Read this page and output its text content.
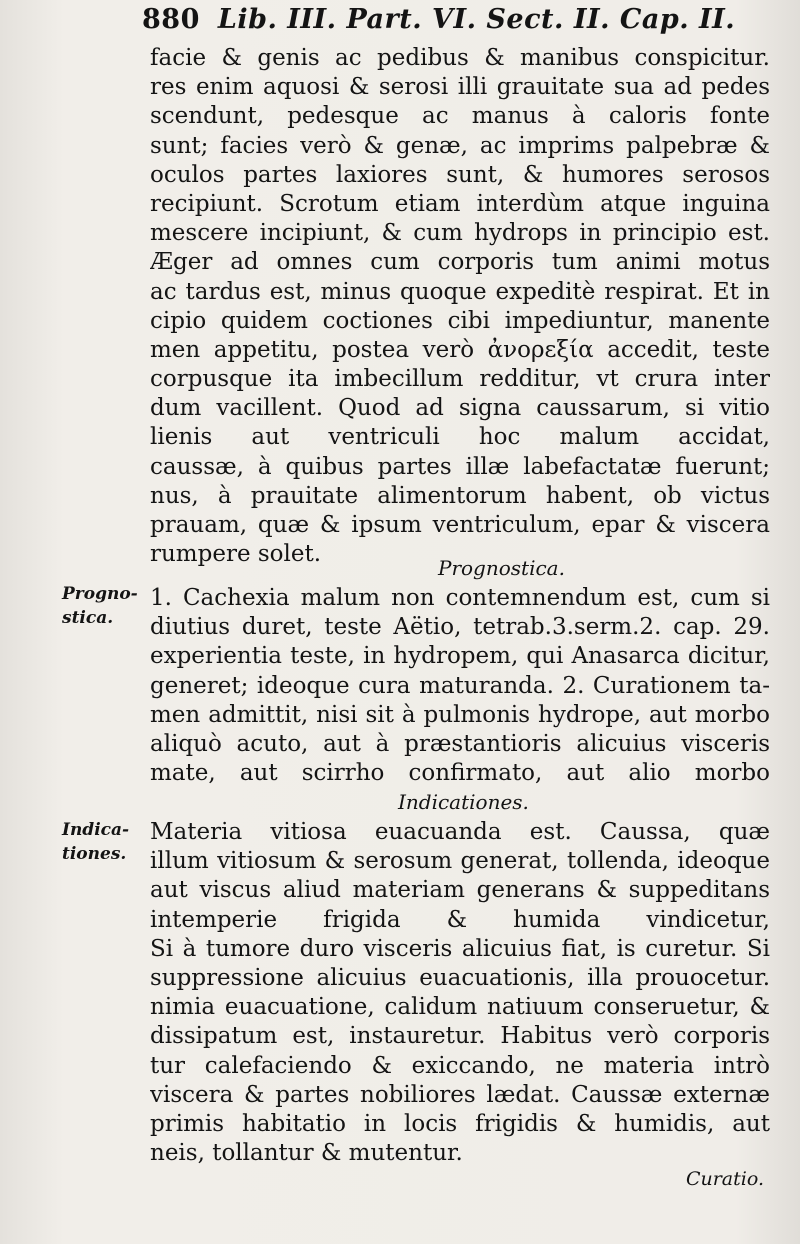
880 Lib. III. Part. VI. Sect. II. Cap. II.
facie & genis ac pedibus & manibus conspicitur.
res enim aquosi & serosi illi grauitate sua ad pedes
scendunt, pedesque ac manus à caloris fonte
sunt; facies verò & genæ, ac imprims palpebræ &
oculos partes laxiores sunt, & humores serosos
recipiunt. Scrotum etiam interdùm atque inguina
mescere incipiunt, & cum hydrops in principio est.
Æger ad omnes cum corporis tum animi motus
ac tardus est, minus quoque expeditè respirat. Et in
cipio quidem coctiones cibi impediuntur, manente
men appetitu, postea verò ἀνορεξία accedit, teste
corpusque ita imbecillum redditur, vt crura inter
dum vacillent. Quod ad signa caussarum, si vitio
lienis aut ventriculi hoc malum accidat,
caussæ, à quibus partes illæ labefactatæ fuerunt;
nus, à prauitate alimentorum habent, ob victus
prauam, quæ & ipsum ventriculum, epar & viscera
rumpere solet.
Prognostica.
Progno-
stica.
1. Cachexia malum non contemnendum est, cum si
diutius duret, teste Aëtio, tetrab.3.serm.2. cap. 29.
experientia teste, in hydropem, qui Anasarca dicitur,
generet; ideoque cura maturanda. 2. Curationem ta-
men admittit, nisi sit à pulmonis hydrope, aut morbo
aliquò acuto, aut à præstantioris alicuius visceris
mate, aut scirrho confirmato, aut alio morbo
Indicationes.
Indica-
tiones.
Materia vitiosa euacuanda est. Caussa, quæ
illum vitiosum & serosum generat, tollenda, ideoque
aut viscus aliud materiam generans & suppeditans
intemperie frigida & humida vindicetur,
Si à tumore duro visceris alicuius fiat, is curetur. Si
suppressione alicuius euacuationis, illa prouocetur.
nimia euacuatione, calidum natiuum conseruetur, &
dissipatum est, instauretur. Habitus verò corporis
tur calefaciendo & exiccando, ne materia intrò
viscera & partes nobiliores lædat. Caussæ externæ
primis habitatio in locis frigidis & humidis, aut
neis, tollantur & mutentur.
Curatio.
